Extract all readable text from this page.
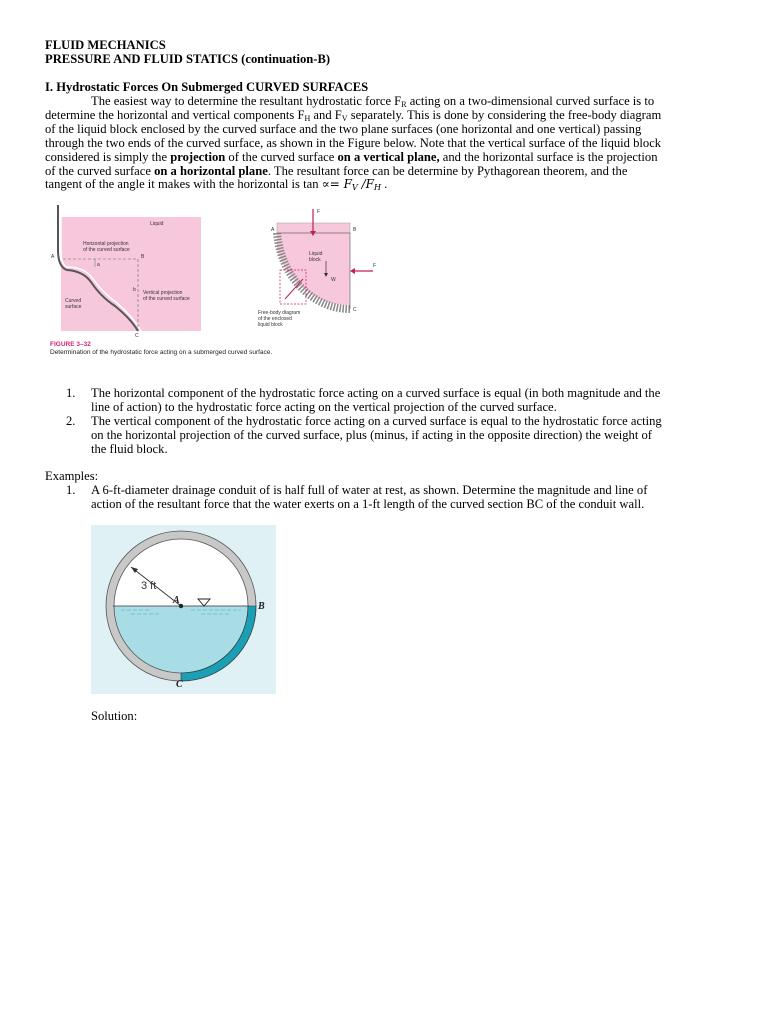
FLUID MECHANICS
PRESSURE AND FLUID STATICS (continuation-B)
I. Hydrostatic Forces On Submerged CURVED SURFACES
The easiest way to determine the resultant hydrostatic force $F_R$ acting on a two-dimensional curved surface is to
determine the horizontal and vertical components $F_H$ and $F_V$ separately. This is done by considering the free-body diagram
of the liquid block enclosed by the curved surface and the two plane surfaces (one horizontal and one vertical) passing
through the two ends of the curved surface, as shown in the Figure below. Note that the vertical surface of the liquid block
considered is simply the projection of the curved surface on a vertical plane, and the horizontal surface is the projection
of the curved surface on a horizontal plane. The resultant force can be determine by Pythagorean theorem, and the
tangent of the angle it makes with the horizontal is $\tan \propto= F_V$ $/F_H$ .
Liquid
Horizontal projection
of the curved surface
Vertical projection
of the curved surface
Curved
surface
A
a
B
b
C
F
A	B
C
Liquid
block
W
F
Free-body diagram
of the enclosed
liquid block
FIGURE 3–32
Determination of the hydrostatic force acting on a submerged curved surface.
1. The horizontal component of the hydrostatic force acting on a curved surface is equal (in both magnitude and the
line of action) to the hydrostatic force acting on the vertical projection of the curved surface.
2. The vertical component of the hydrostatic force acting on a curved surface is equal to the hydrostatic force acting
on the horizontal projection of the curved surface, plus (minus, if acting in the opposite direction) the weight of
the fluid block.
Examples:
1. A 6-ft-diameter drainage conduit of is half full of water at rest, as shown. Determine the magnitude and line of
action of the resultant force that the water exerts on a 1-ft length of the curved section BC of the conduit wall.
3 ft
A
B
C
Solution:
